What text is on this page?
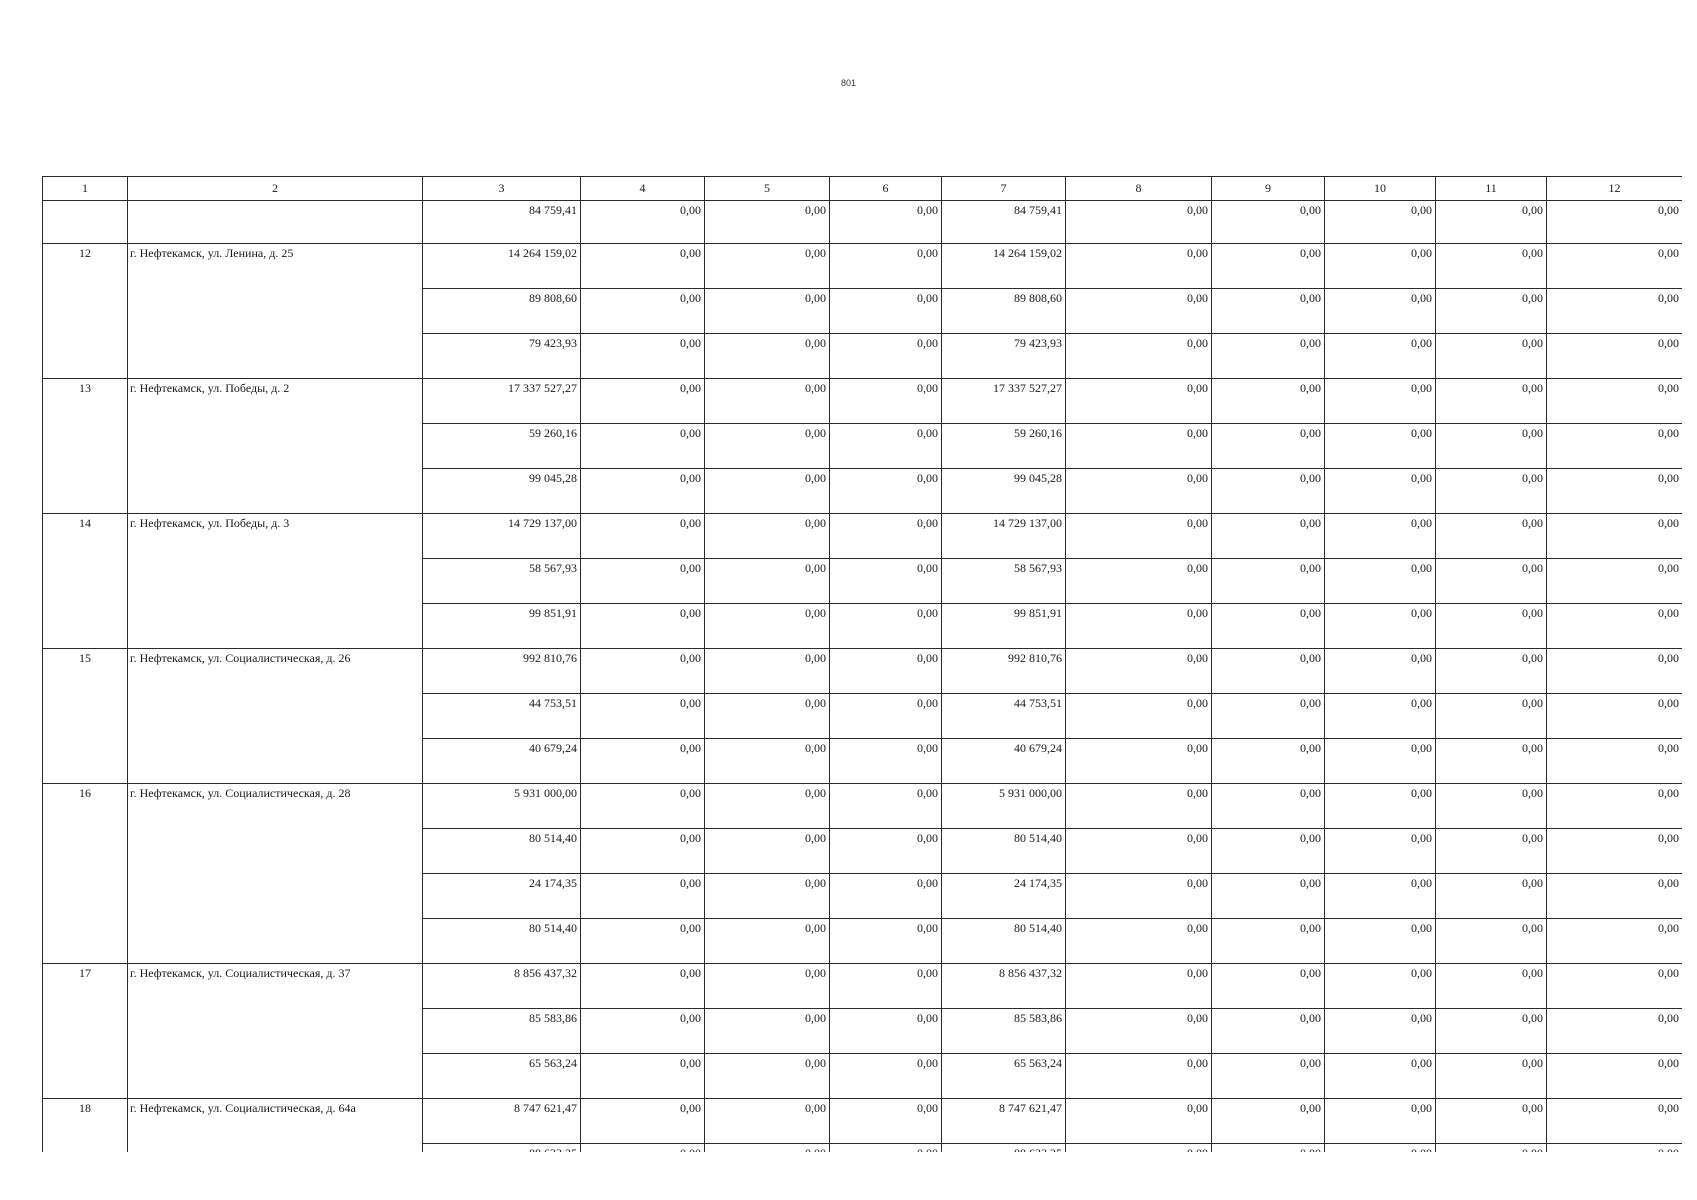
801
1	2	3	4	5	6	7	8	9	10	11	12
		84 759,41	0,00	0,00	0,00	84 759,41	0,00	0,00	0,00	0,00	0,00
12	г. Нефтекамск, ул. Ленина, д. 25	14 264 159,02	0,00	0,00	0,00	14 264 159,02	0,00	0,00	0,00	0,00	0,00
		89 808,60	0,00	0,00	0,00	89 808,60	0,00	0,00	0,00	0,00	0,00
		79 423,93	0,00	0,00	0,00	79 423,93	0,00	0,00	0,00	0,00	0,00
13	г. Нефтекамск, ул. Победы, д. 2	17 337 527,27	0,00	0,00	0,00	17 337 527,27	0,00	0,00	0,00	0,00	0,00
		59 260,16	0,00	0,00	0,00	59 260,16	0,00	0,00	0,00	0,00	0,00
		99 045,28	0,00	0,00	0,00	99 045,28	0,00	0,00	0,00	0,00	0,00
14	г. Нефтекамск, ул. Победы, д. 3	14 729 137,00	0,00	0,00	0,00	14 729 137,00	0,00	0,00	0,00	0,00	0,00
		58 567,93	0,00	0,00	0,00	58 567,93	0,00	0,00	0,00	0,00	0,00
		99 851,91	0,00	0,00	0,00	99 851,91	0,00	0,00	0,00	0,00	0,00
15	г. Нефтекамск, ул. Социалистическая, д. 26	992 810,76	0,00	0,00	0,00	992 810,76	0,00	0,00	0,00	0,00	0,00
		44 753,51	0,00	0,00	0,00	44 753,51	0,00	0,00	0,00	0,00	0,00
		40 679,24	0,00	0,00	0,00	40 679,24	0,00	0,00	0,00	0,00	0,00
16	г. Нефтекамск, ул. Социалистическая, д. 28	5 931 000,00	0,00	0,00	0,00	5 931 000,00	0,00	0,00	0,00	0,00	0,00
		80 514,40	0,00	0,00	0,00	80 514,40	0,00	0,00	0,00	0,00	0,00
		24 174,35	0,00	0,00	0,00	24 174,35	0,00	0,00	0,00	0,00	0,00
		80 514,40	0,00	0,00	0,00	80 514,40	0,00	0,00	0,00	0,00	0,00
17	г. Нефтекамск, ул. Социалистическая, д. 37	8 856 437,32	0,00	0,00	0,00	8 856 437,32	0,00	0,00	0,00	0,00	0,00
		85 583,86	0,00	0,00	0,00	85 583,86	0,00	0,00	0,00	0,00	0,00
		65 563,24	0,00	0,00	0,00	65 563,24	0,00	0,00	0,00	0,00	0,00
18	г. Нефтекамск, ул. Социалистическая, д. 64а	8 747 621,47	0,00	0,00	0,00	8 747 621,47	0,00	0,00	0,00	0,00	0,00
